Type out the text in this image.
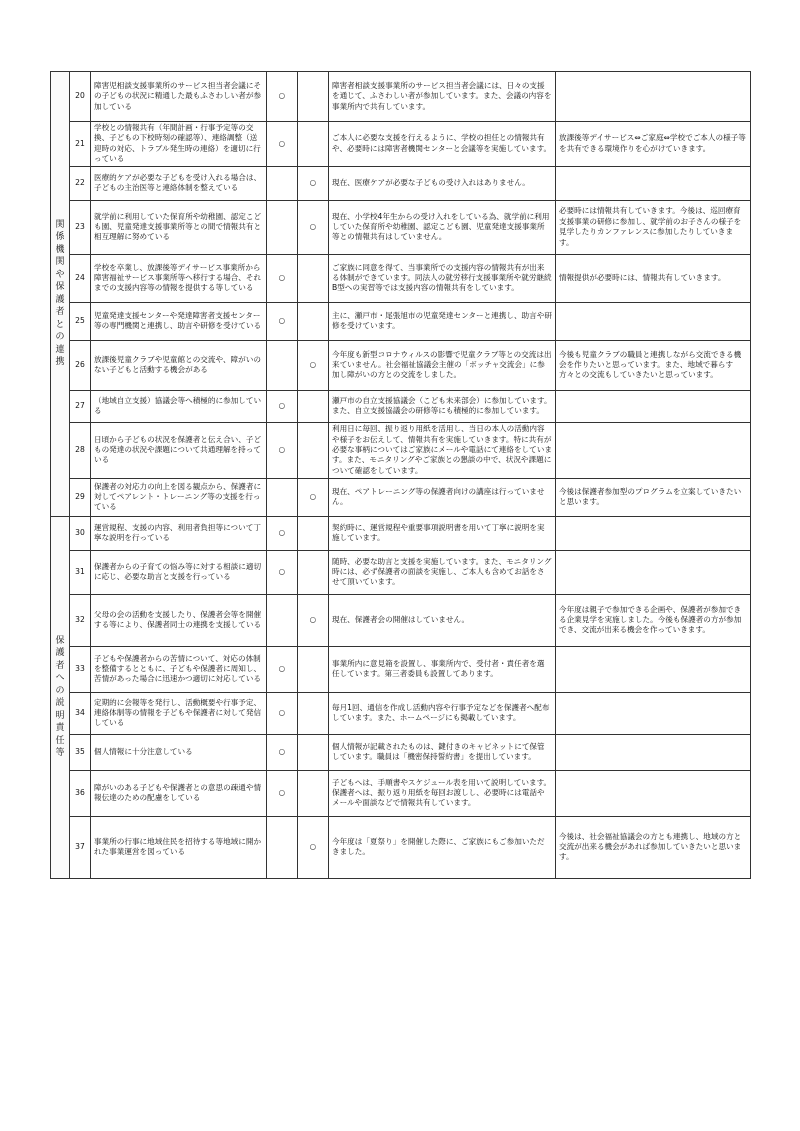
関係機関や保護者との連携	20	障害児相談支援事業所のサービス担当者会議にその子どもの状況に精通した最もふさわしい者が参加している	○		障害者相談支援事業所のサービス担当者会議には、日々の支援を通じて、ふさわしい者が参加しています。また、会議の内容を事業所内で共有しています。	
	21	学校との情報共有（年間計画・行事予定等の交換、子どもの下校時刻の確認等）、連絡調整（送迎時の対応、トラブル発生時の連絡）を適切に行っている	○		ご本人に必要な支援を行えるように、学校の担任との情報共有や、必要時には障害者機関センターと会議等を実施しています。	放課後等デイサービス⇔ご家庭⇔学校でご本人の様子等を共有できる環境作りを心がけていきます。
	22	医療的ケアが必要な子どもを受け入れる場合は、子どもの主治医等と連絡体制を整えている		○	現在、医療ケアが必要な子どもの受け入れはありません。	
	23	就学前に利用していた保育所や幼稚園、認定こども園、児童発達支援事業所等との間で情報共有と相互理解に努めている		○	現在、小学校4年生からの受け入れをしている為、就学前に利用していた保育所や幼稚園、認定こども園、児童発達支援事業所等との情報共有はしていません。	必要時には情報共有していきます。今後は、巡回療育支援事業の研修に参加し、就学前のお子さんの様子を見学したりカンファレンスに参加したりしていきます。
	24	学校を卒業し、放課後等デイサービス事業所から障害福祉サービス事業所等へ移行する場合、それまでの支援内容等の情報を提供する等している	○		ご家族に同意を得て、当事業所での支援内容の情報共有が出来る体制ができています。同法人の就労移行支援事業所や就労継続B型への実習等では支援内容の情報共有をしています。	情報提供が必要時には、情報共有していきます。
	25	児童発達支援センターや発達障害者支援センター等の専門機関と連携し、助言や研修を受けている	○		主に、瀬戸市・尾張旭市の児童発達センターと連携し、助言や研修を受けています。	
	26	放課後児童クラブや児童館との交流や、障がいのない子どもと活動する機会がある		○	今年度も新型コロナウィルスの影響で児童クラブ等との交流は出来ていません。社会福祉協議会主催の「ボッチャ交流会」に参加し障がいの方との交流をしました。	今後も児童クラブの職員と連携しながら交流できる機会を作りたいと思っています。また、地域で暮らす方々との交流もしていきたいと思っています。
	27	（地域自立支援）協議会等へ積極的に参加している	○		瀬戸市の自立支援協議会（こども未来部会）に参加しています。また、自立支援協議会の研修等にも積極的に参加しています。	
	28	日頃から子どもの状況を保護者と伝え合い、子どもの発達の状況や課題について共通理解を持っている	○		利用日に毎回、振り返り用紙を活用し、当日の本人の活動内容や様子をお伝えして、情報共有を実施していきます。特に共有が必要な事柄についてはご家族にメールや電話にて連絡をしています。また、モニタリングやご家族との懇談の中で、状況や課題について確認をしています。	
	29	保護者の対応力の向上を図る観点から、保護者に対してペアレント・トレーニング等の支援を行っている		○	現在、ペアトレーニング等の保護者向けの講座は行っていません。	今後は保護者参加型のプログラムを立案していきたいと思います。
保護者への説明責任等	30	運営規程、支援の内容、利用者負担等について丁寧な説明を行っている	○		契約時に、運営規程や重要事項説明書を用いて丁寧に説明を実施しています。	
	31	保護者からの子育ての悩み等に対する相談に適切に応じ、必要な助言と支援を行っている	○		随時、必要な助言と支援を実施しています。また、モニタリング時には、必ず保護者の面談を実施し、ご本人も含めてお話をさせて頂いています。	
	32	父母の会の活動を支援したり、保護者会等を開催する等により、保護者同士の連携を支援している		○	現在、保護者会の開催はしていません。	今年度は親子で参加できる企画や、保護者が参加できる企業見学を実施しました。今後も保護者の方が参加でき、交流が出来る機会を作っていきます。
	33	子どもや保護者からの苦情について、対応の体制を整備するとともに、子どもや保護者に周知し、苦情があった場合に迅速かつ適切に対応している	○		事業所内に意見箱を設置し、事業所内で、受付者・責任者を選任しています。第三者委員も設置してあります。	
	34	定期的に会報等を発行し、活動概要や行事予定、連絡体制等の情報を子どもや保護者に対して発信している	○		毎月1回、通信を作成し活動内容や行事予定などを保護者へ配布しています。また、ホームページにも掲載しています。	
	35	個人情報に十分注意している	○		個人情報が記載されたものは、鍵付きのキャビネットにて保管しています。職員は「機密保持誓約書」を提出しています。	
	36	障がいのある子どもや保護者との意思の疎通や情報伝達のための配慮をしている	○		子どもへは、手順書やスケジュール表を用いて説明しています。保護者へは、振り返り用紙を毎回お渡しし、必要時には電話やメールや面談などで情報共有しています。	
	37	事業所の行事に地域住民を招待する等地域に開かれた事業運営を図っている		○	今年度は「夏祭り」を開催した際に、ご家族にもご参加いただきました。	今後は、社会福祉協議会の方とも連携し、地域の方と交流が出来る機会があれば参加していきたいと思います。
